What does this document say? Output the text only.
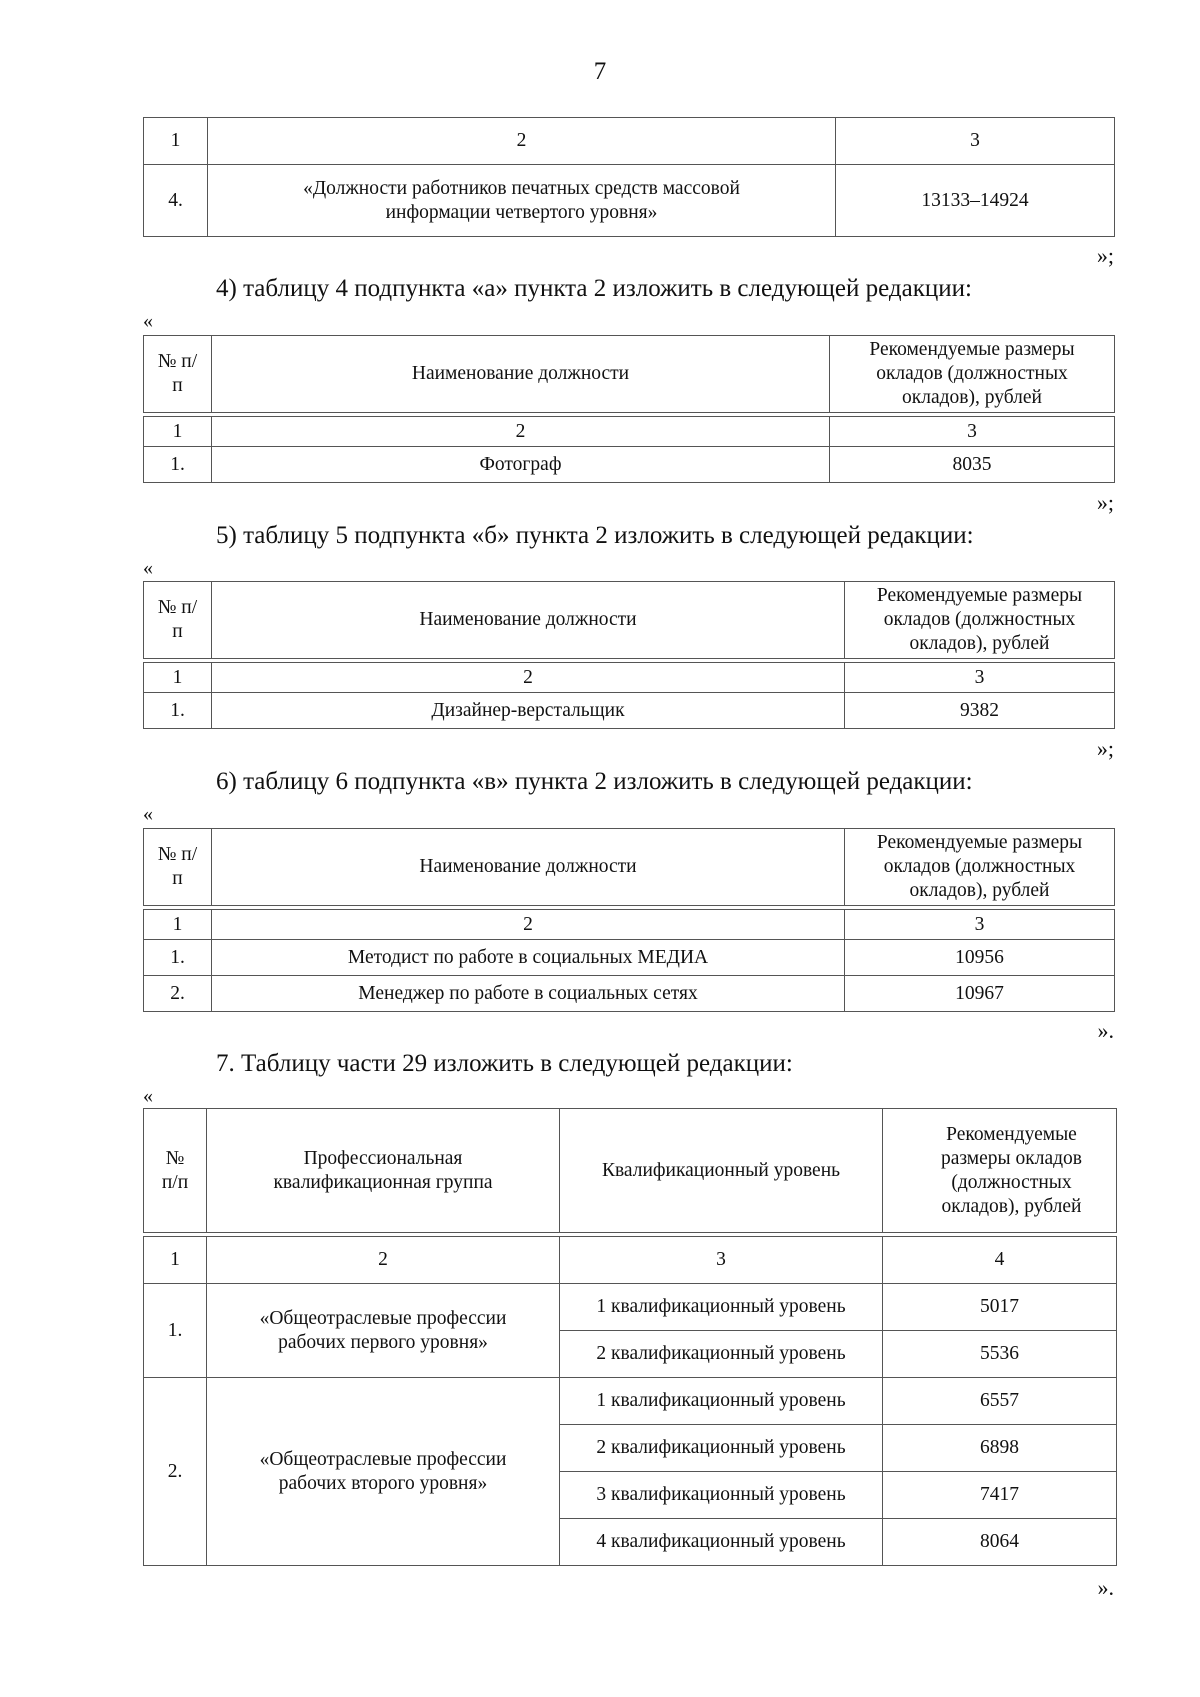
7
1	2	3
4.	«Должности работников печатных средств массовой информации четвертого уровня»	13133–14924
»;
4) таблицу 4 подпункта «а» пункта 2 изложить в следующей редакции:
«
№ п/п	Наименование должности	Рекомендуемые размеры окладов (должностных окладов), рублей
1	2	3
1.	Фотограф	8035
»;
5) таблицу 5 подпункта «б» пункта 2 изложить в следующей редакции:
«
№ п/п	Наименование должности	Рекомендуемые размеры окладов (должностных окладов), рублей
1	2	3
1.	Дизайнер-верстальщик	9382
»;
6) таблицу 6 подпункта «в» пункта 2 изложить в следующей редакции:
«
№ п/п	Наименование должности	Рекомендуемые размеры окладов (должностных окладов), рублей
1	2	3
1.	Методист по работе в социальных МЕДИА	10956
2.	Менеджер по работе в социальных сетях	10967
».
7. Таблицу части 29 изложить в следующей редакции:
«
№ п/п	Профессиональная квалификационная группа	Квалификационный уровень	Рекомендуемые размеры окладов (должностных окладов), рублей
1	2	3	4
1.	«Общеотраслевые профессии рабочих первого уровня»	1 квалификационный уровень	5017
		2 квалификационный уровень	5536
2.	«Общеотраслевые профессии рабочих второго уровня»	1 квалификационный уровень	6557
		2 квалификационный уровень	6898
		3 квалификационный уровень	7417
		4 квалификационный уровень	8064
».
